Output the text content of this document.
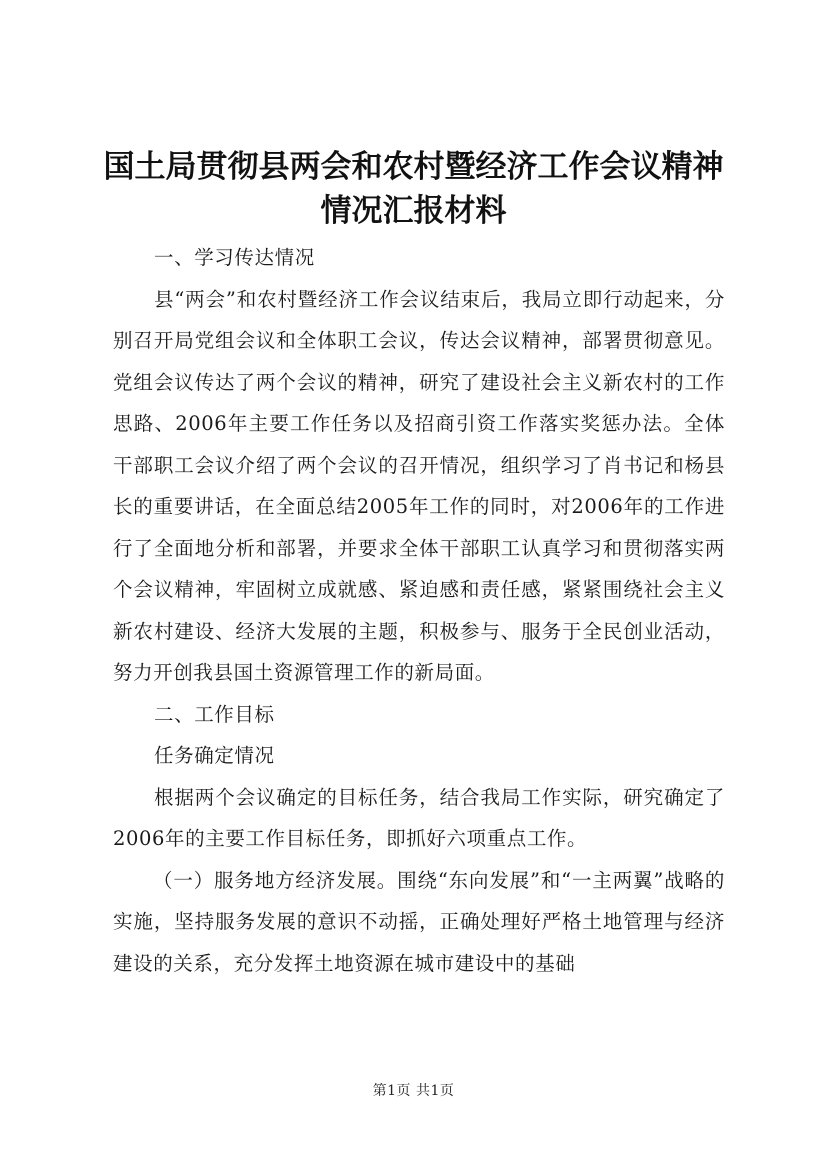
国土局贯彻县两会和农村暨经济工作会议精神
情况汇报材料

一、学习传达情况

县“两会”和农村暨经济工作会议结束后，我局立即行动起来，分别召开局党组会议和全体职工会议，传达会议精神，部署贯彻意见。党组会议传达了两个会议的精神，研究了建设社会主义新农村的工作思路、2006年主要工作任务以及招商引资工作落实奖惩办法。全体干部职工会议介绍了两个会议的召开情况，组织学习了肖书记和杨县长的重要讲话，在全面总结2005年工作的同时，对2006年的工作进行了全面地分析和部署，并要求全体干部职工认真学习和贯彻落实两个会议精神，牢固树立成就感、紧迫感和责任感，紧紧围绕社会主义新农村建设、经济大发展的主题，积极参与、服务于全民创业活动，努力开创我县国土资源管理工作的新局面。

二、工作目标

任务确定情况

根据两个会议确定的目标任务，结合我局工作实际，研究确定了2006年的主要工作目标任务，即抓好六项重点工作。

（一）服务地方经济发展。围绕“东向发展”和“一主两翼”战略的实施，坚持服务发展的意识不动摇，正确处理好严格土地管理与经济建设的关系，充分发挥土地资源在城市建设中的基础

第1页 共1页
